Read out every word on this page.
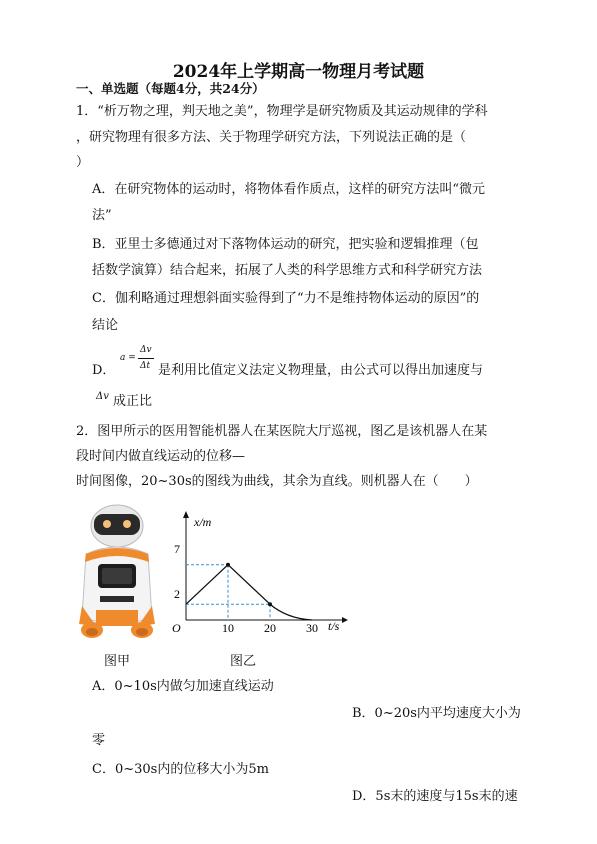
2024年上学期高一物理月考试题
一、单选题（每题4分，共24分）
1．“析万物之理，判天地之美”，物理学是研究物质及其运动规律的学科
，研究物理有很多方法、关于物理学研究方法，下列说法正确的是（
）
A．在研究物体的运动时，将物体看作质点，这样的研究方法叫“微元
法”
B．亚里士多德通过对下落物体运动的研究，把实验和逻辑推理（包
括数学演算）结合起来，拓展了人类的科学思维方式和科学研究方法
C．伽利略通过理想斜面实验得到了“力不是维持物体运动的原因”的
结论
D．
a =
Δv
Δt 是利用比值定义法定义物理量，由公式可以得出加速度与
Δv 成正比
2．图甲所示的医用智能机器人在某医院大厅巡视，图乙是该机器人在某
段时间内做直线运动的位移—
时间图像，20~30s的图线为曲线，其余为直线。则机器人在（　　）
x/m
t/s
O
7
2
10	20	30
图甲	图乙
A．0~10s内做匀加速直线运动
B．0~20s内平均速度大小为
零
C．0~30s内的位移大小为5m
D．5s末的速度与15s末的速
